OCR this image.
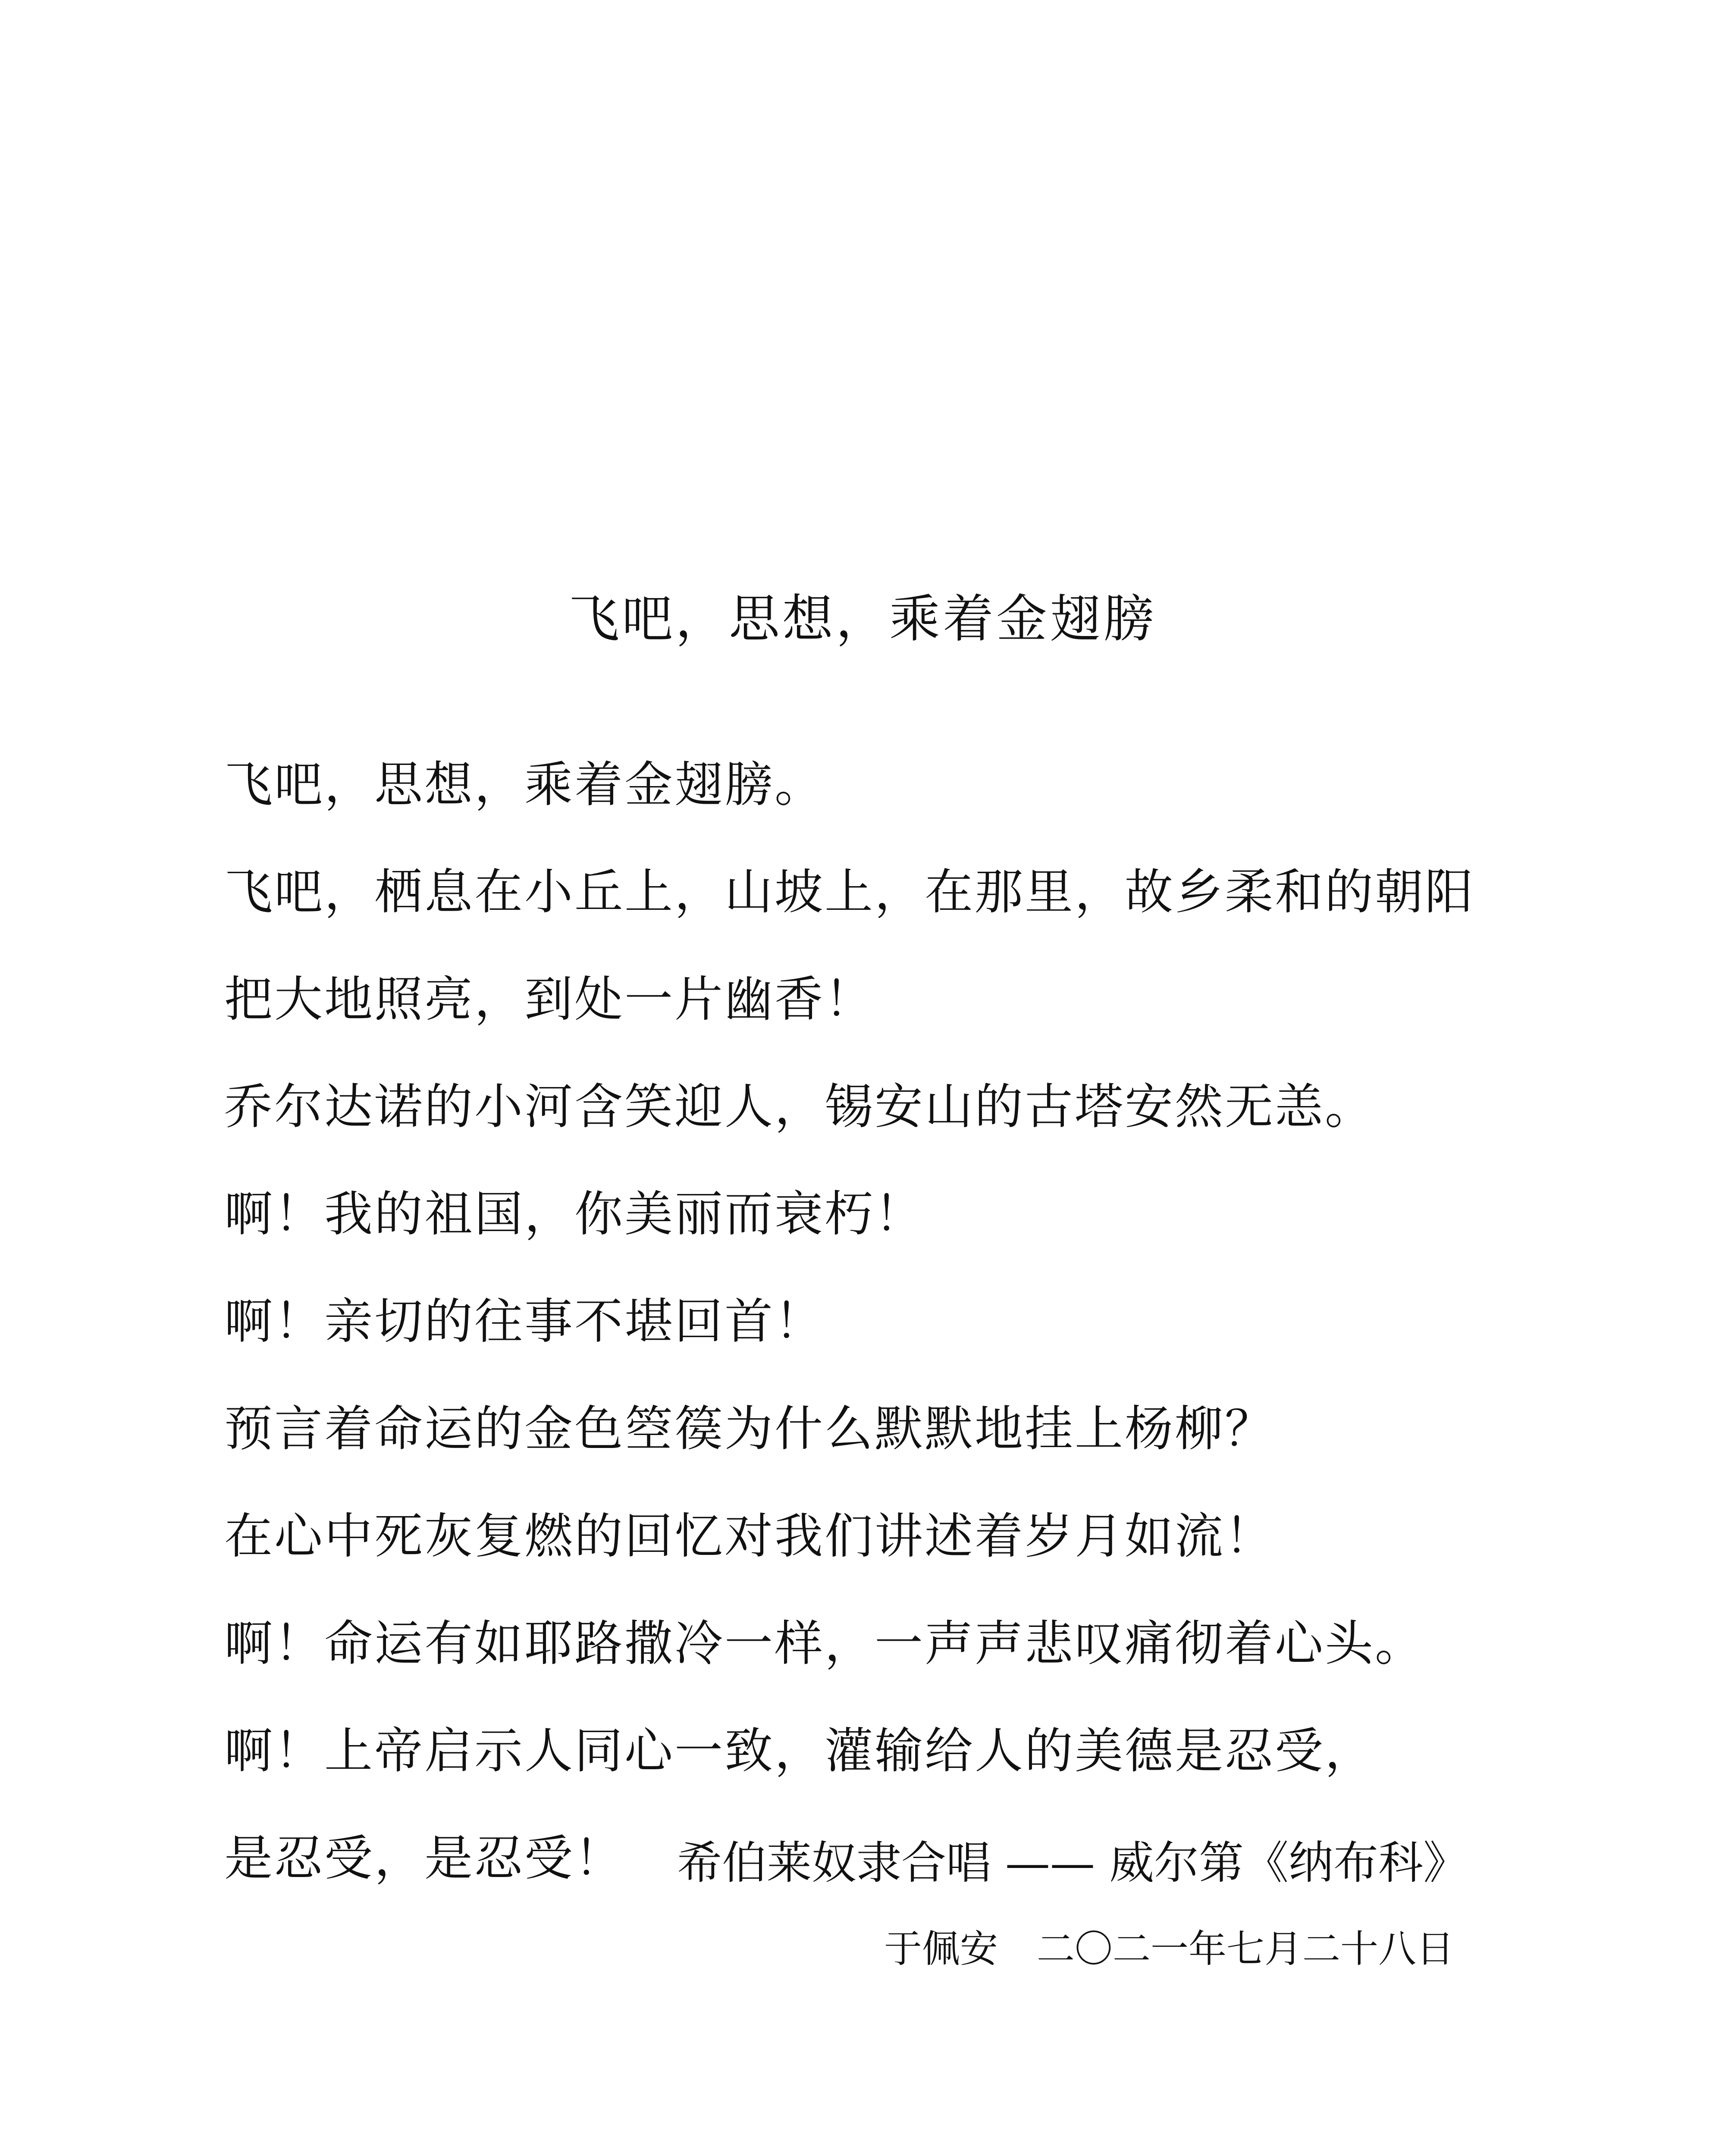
飞吧，思想，乘着金翅膀
飞吧，思想，乘着金翅膀。
飞吧，栖息在小丘上，山坡上，在那里，故乡柔和的朝阳
把大地照亮，到处一片幽香！
乔尔达诺的小河含笑迎人，锡安山的古塔安然无恙。
啊！我的祖国，你美丽而衰朽！
啊！亲切的往事不堪回首！
预言着命运的金色箜篌为什么默默地挂上杨柳？
在心中死灰复燃的回忆对我们讲述着岁月如流！
啊！命运有如耶路撒冷一样，一声声悲叹痛彻着心头。
啊！上帝启示人同心一致，灌输给人的美德是忍受，
是忍受，是忍受！	希伯莱奴隶合唱 —— 威尔第《纳布科》
于佩安 二〇二一年七月二十八日
